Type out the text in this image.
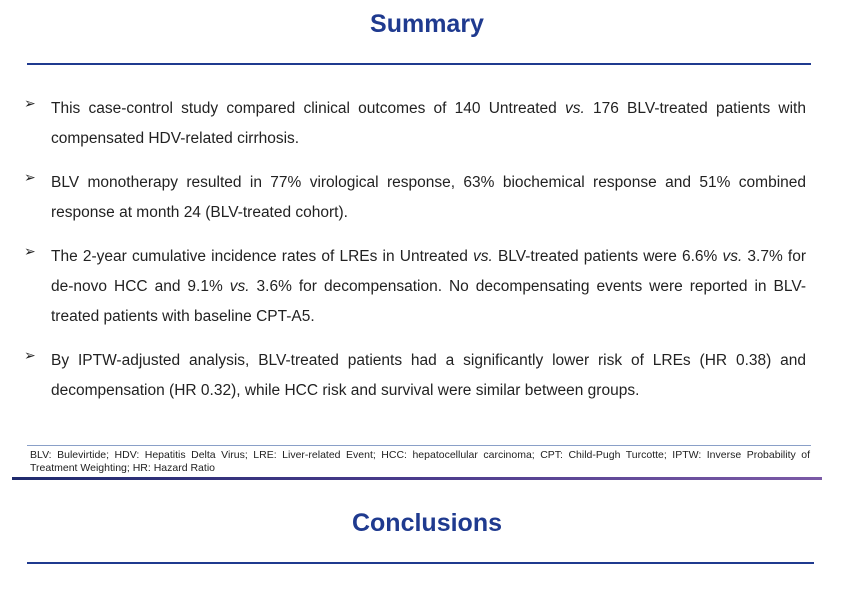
Summary
➢ This case-control study compared clinical outcomes of 140 Untreated vs. 176 BLV-treated patients with compensated HDV-related cirrhosis.
➢ BLV monotherapy resulted in 77% virological response, 63% biochemical response and 51% combined response at month 24 (BLV-treated cohort).
➢ The 2-year cumulative incidence rates of LREs in Untreated vs. BLV-treated patients were 6.6% vs. 3.7% for de-novo HCC and 9.1% vs. 3.6% for decompensation. No decompensating events were reported in BLV-treated patients with baseline CPT-A5.
➢ By IPTW-adjusted analysis, BLV-treated patients had a significantly lower risk of LREs (HR 0.38) and decompensation (HR 0.32), while HCC risk and survival were similar between groups.
BLV: Bulevirtide; HDV: Hepatitis Delta Virus; LRE: Liver-related Event; HCC: hepatocellular carcinoma; CPT: Child-Pugh Turcotte; IPTW: Inverse Probability of Treatment Weighting; HR: Hazard Ratio
Conclusions
